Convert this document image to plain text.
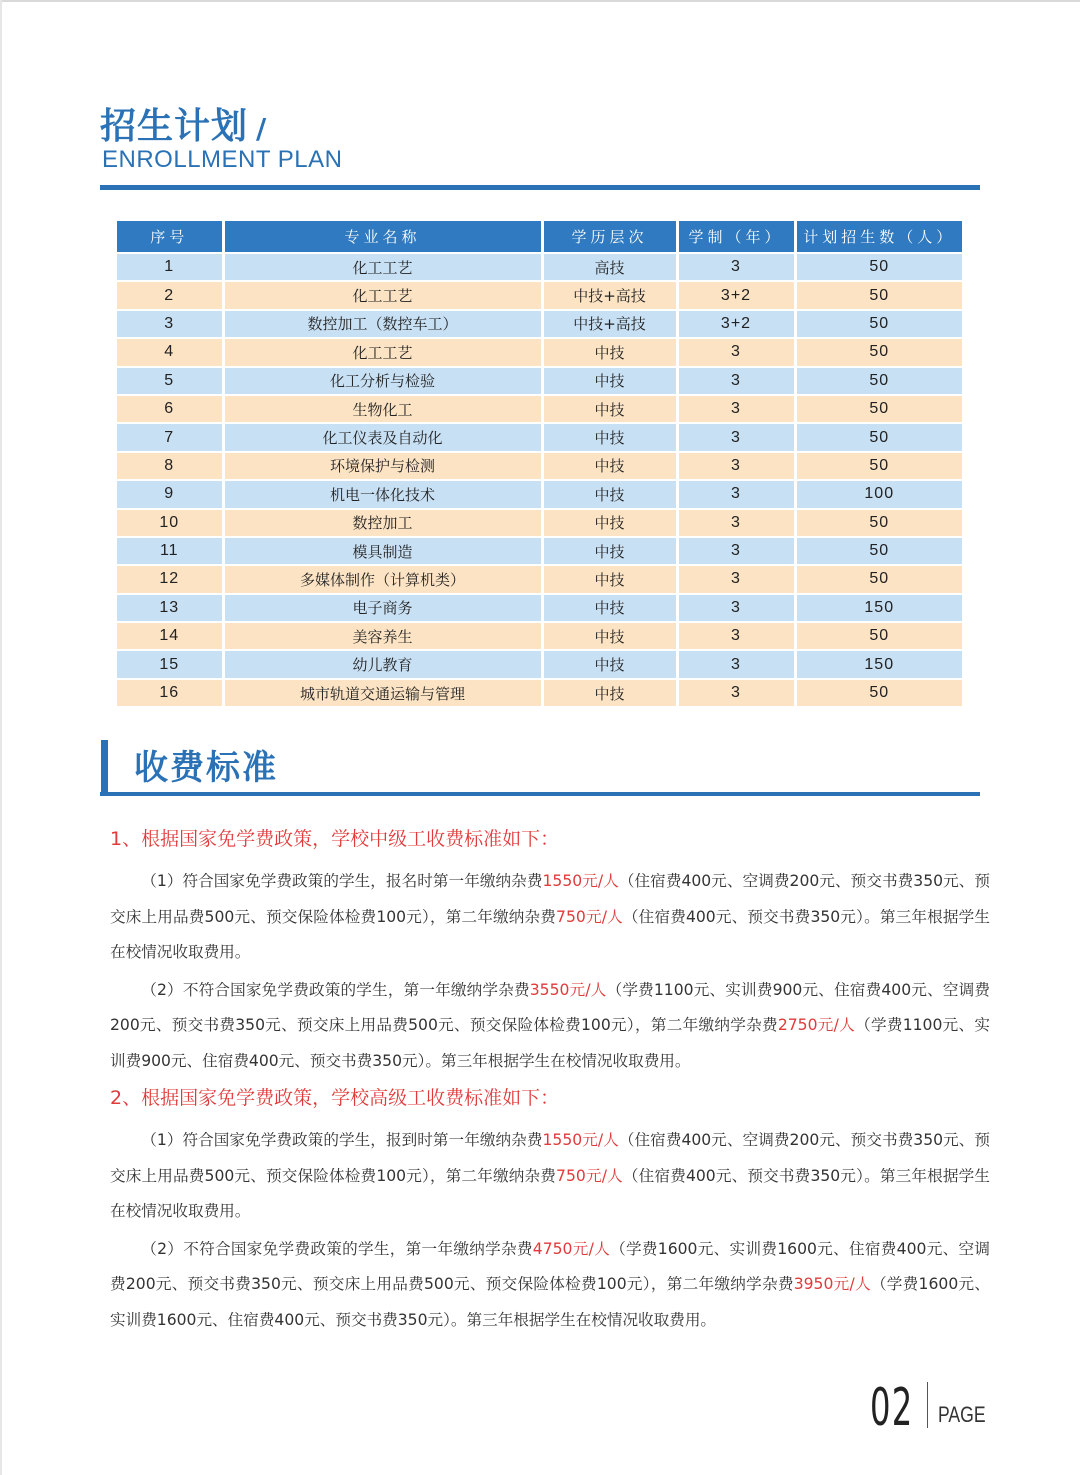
招生计划 /
ENROLLMENT PLAN
序号	专业名称	学历层次	学制（年）	计划招生数（人）
1	化工工艺	高技	3	50
2	化工工艺	中技+高技	3+2	50
3	数控加工（数控车工）	中技+高技	3+2	50
4	化工工艺	中技	3	50
5	化工分析与检验	中技	3	50
6	生物化工	中技	3	50
7	化工仪表及自动化	中技	3	50
8	环境保护与检测	中技	3	50
9	机电一体化技术	中技	3	100
10	数控加工	中技	3	50
11	模具制造	中技	3	50
12	多媒体制作（计算机类）	中技	3	50
13	电子商务	中技	3	150
14	美容养生	中技	3	50
15	幼儿教育	中技	3	150
16	城市轨道交通运输与管理	中技	3	50
收费标准
1、根据国家免学费政策，学校中级工收费标准如下：

（1）符合国家免学费政策的学生，报名时第一年缴纳杂费1550元/人（住宿费400元、空调费200元、预交书费350元、预交床上用品费500元、预交保险体检费100元），第二年缴纳杂费750元/人（住宿费400元、预交书费350元）。第三年根据学生在校情况收取费用。

（2）不符合国家免学费政策的学生，第一年缴纳学杂费3550元/人（学费1100元、实训费900元、住宿费400元、空调费200元、预交书费350元、预交床上用品费500元、预交保险体检费100元），第二年缴纳学杂费2750元/人（学费1100元、实训费900元、住宿费400元、预交书费350元）。第三年根据学生在校情况收取费用。

2、根据国家免学费政策，学校高级工收费标准如下：

（1）符合国家免学费政策的学生，报到时第一年缴纳杂费1550元/人（住宿费400元、空调费200元、预交书费350元、预交床上用品费500元、预交保险体检费100元），第二年缴纳杂费750元/人（住宿费400元、预交书费350元）。第三年根据学生在校情况收取费用。

（2）不符合国家免学费政策的学生，第一年缴纳学杂费4750元/人（学费1600元、实训费1600元、住宿费400元、空调费200元、预交书费350元、预交床上用品费500元、预交保险体检费100元），第二年缴纳学杂费3950元/人（学费1600元、实训费1600元、住宿费400元、预交书费350元）。第三年根据学生在校情况收取费用。

02 PAGE
